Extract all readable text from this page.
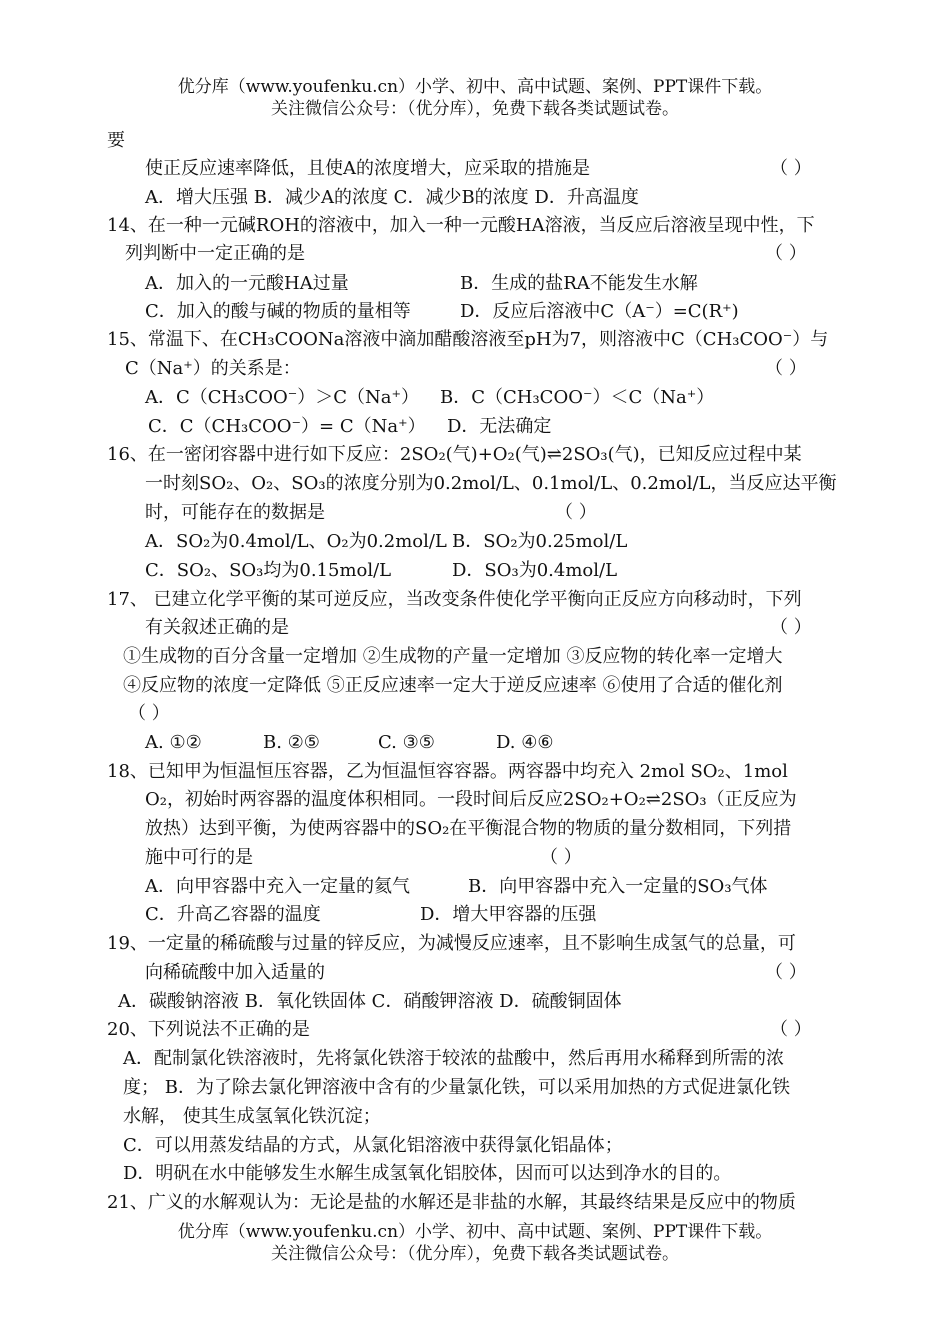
优分库（www.youfenku.cn）小学、初中、高中试题、案例、PPT课件下载。
关注微信公众号：（优分库），免费下载各类试题试卷。
要
使正反应速率降低，且使A的浓度增大，应采取的措施是	（ ）
A．增大压强 B．减少A的浓度 C．减少B的浓度 D．升高温度
14、在一种一元碱ROH的溶液中，加入一种一元酸HA溶液，当反应后溶液呈现中性，下
列判断中一定正确的是	（ ）
A．加入的一元酸HA过量	B．生成的盐RA不能发生水解
C．加入的酸与碱的物质的量相等	D．反应后溶液中C（A⁻）=C(R⁺)
15、常温下、在CH₃COONa溶液中滴加醋酸溶液至pH为7，则溶液中C（CH₃COO⁻）与
C（Na⁺）的关系是：	（ ）
A．C（CH₃COO⁻）＞C（Na⁺） B．C（CH₃COO⁻）＜C（Na⁺）
C．C（CH₃COO⁻）= C（Na⁺） D．无法确定
16、在一密闭容器中进行如下反应：2SO₂(气)+O₂(气)⇌2SO₃(气)，已知反应过程中某
一时刻SO₂、O₂、SO₃的浓度分别为0.2mol/L、0.1mol/L、0.2mol/L，当反应达平衡
时，可能存在的数据是	（ ）
A．SO₂为0.4mol/L、O₂为0.2mol/L B．SO₂为0.25mol/L
C．SO₂、SO₃均为0.15mol/L	D．SO₃为0.4mol/L
17、 已建立化学平衡的某可逆反应，当改变条件使化学平衡向正反应方向移动时，下列
有关叙述正确的是	（ ）
①生成物的百分含量一定增加 ②生成物的产量一定增加 ③反应物的转化率一定增大
④反应物的浓度一定降低 ⑤正反应速率一定大于逆反应速率 ⑥使用了合适的催化剂
（ ）
A. ①②	B. ②⑤	C. ③⑤	D. ④⑥
18、已知甲为恒温恒压容器，乙为恒温恒容容器。两容器中均充入 2mol SO₂、1mol
O₂，初始时两容器的温度体积相同。一段时间后反应2SO₂+O₂⇌2SO₃（正反应为
放热）达到平衡，为使两容器中的SO₂在平衡混合物的物质的量分数相同，下列措
施中可行的是	（ ）
A．向甲容器中充入一定量的氦气	B．向甲容器中充入一定量的SO₃气体
C．升高乙容器的温度	D．增大甲容器的压强
19、一定量的稀硫酸与过量的锌反应，为减慢反应速率，且不影响生成氢气的总量，可
向稀硫酸中加入适量的	（ ）
A．碳酸钠溶液 B．氧化铁固体 C．硝酸钾溶液 D．硫酸铜固体
20、下列说法不正确的是	（ ）
A．配制氯化铁溶液时，先将氯化铁溶于较浓的盐酸中，然后再用水稀释到所需的浓
度； B．为了除去氯化钾溶液中含有的少量氯化铁，可以采用加热的方式促进氯化铁
水解， 使其生成氢氧化铁沉淀；
C．可以用蒸发结晶的方式，从氯化铝溶液中获得氯化铝晶体；
D．明矾在水中能够发生水解生成氢氧化铝胶体，因而可以达到净水的目的。
21、广义的水解观认为：无论是盐的水解还是非盐的水解，其最终结果是反应中的物质
优分库（www.youfenku.cn）小学、初中、高中试题、案例、PPT课件下载。
关注微信公众号：（优分库），免费下载各类试题试卷。
